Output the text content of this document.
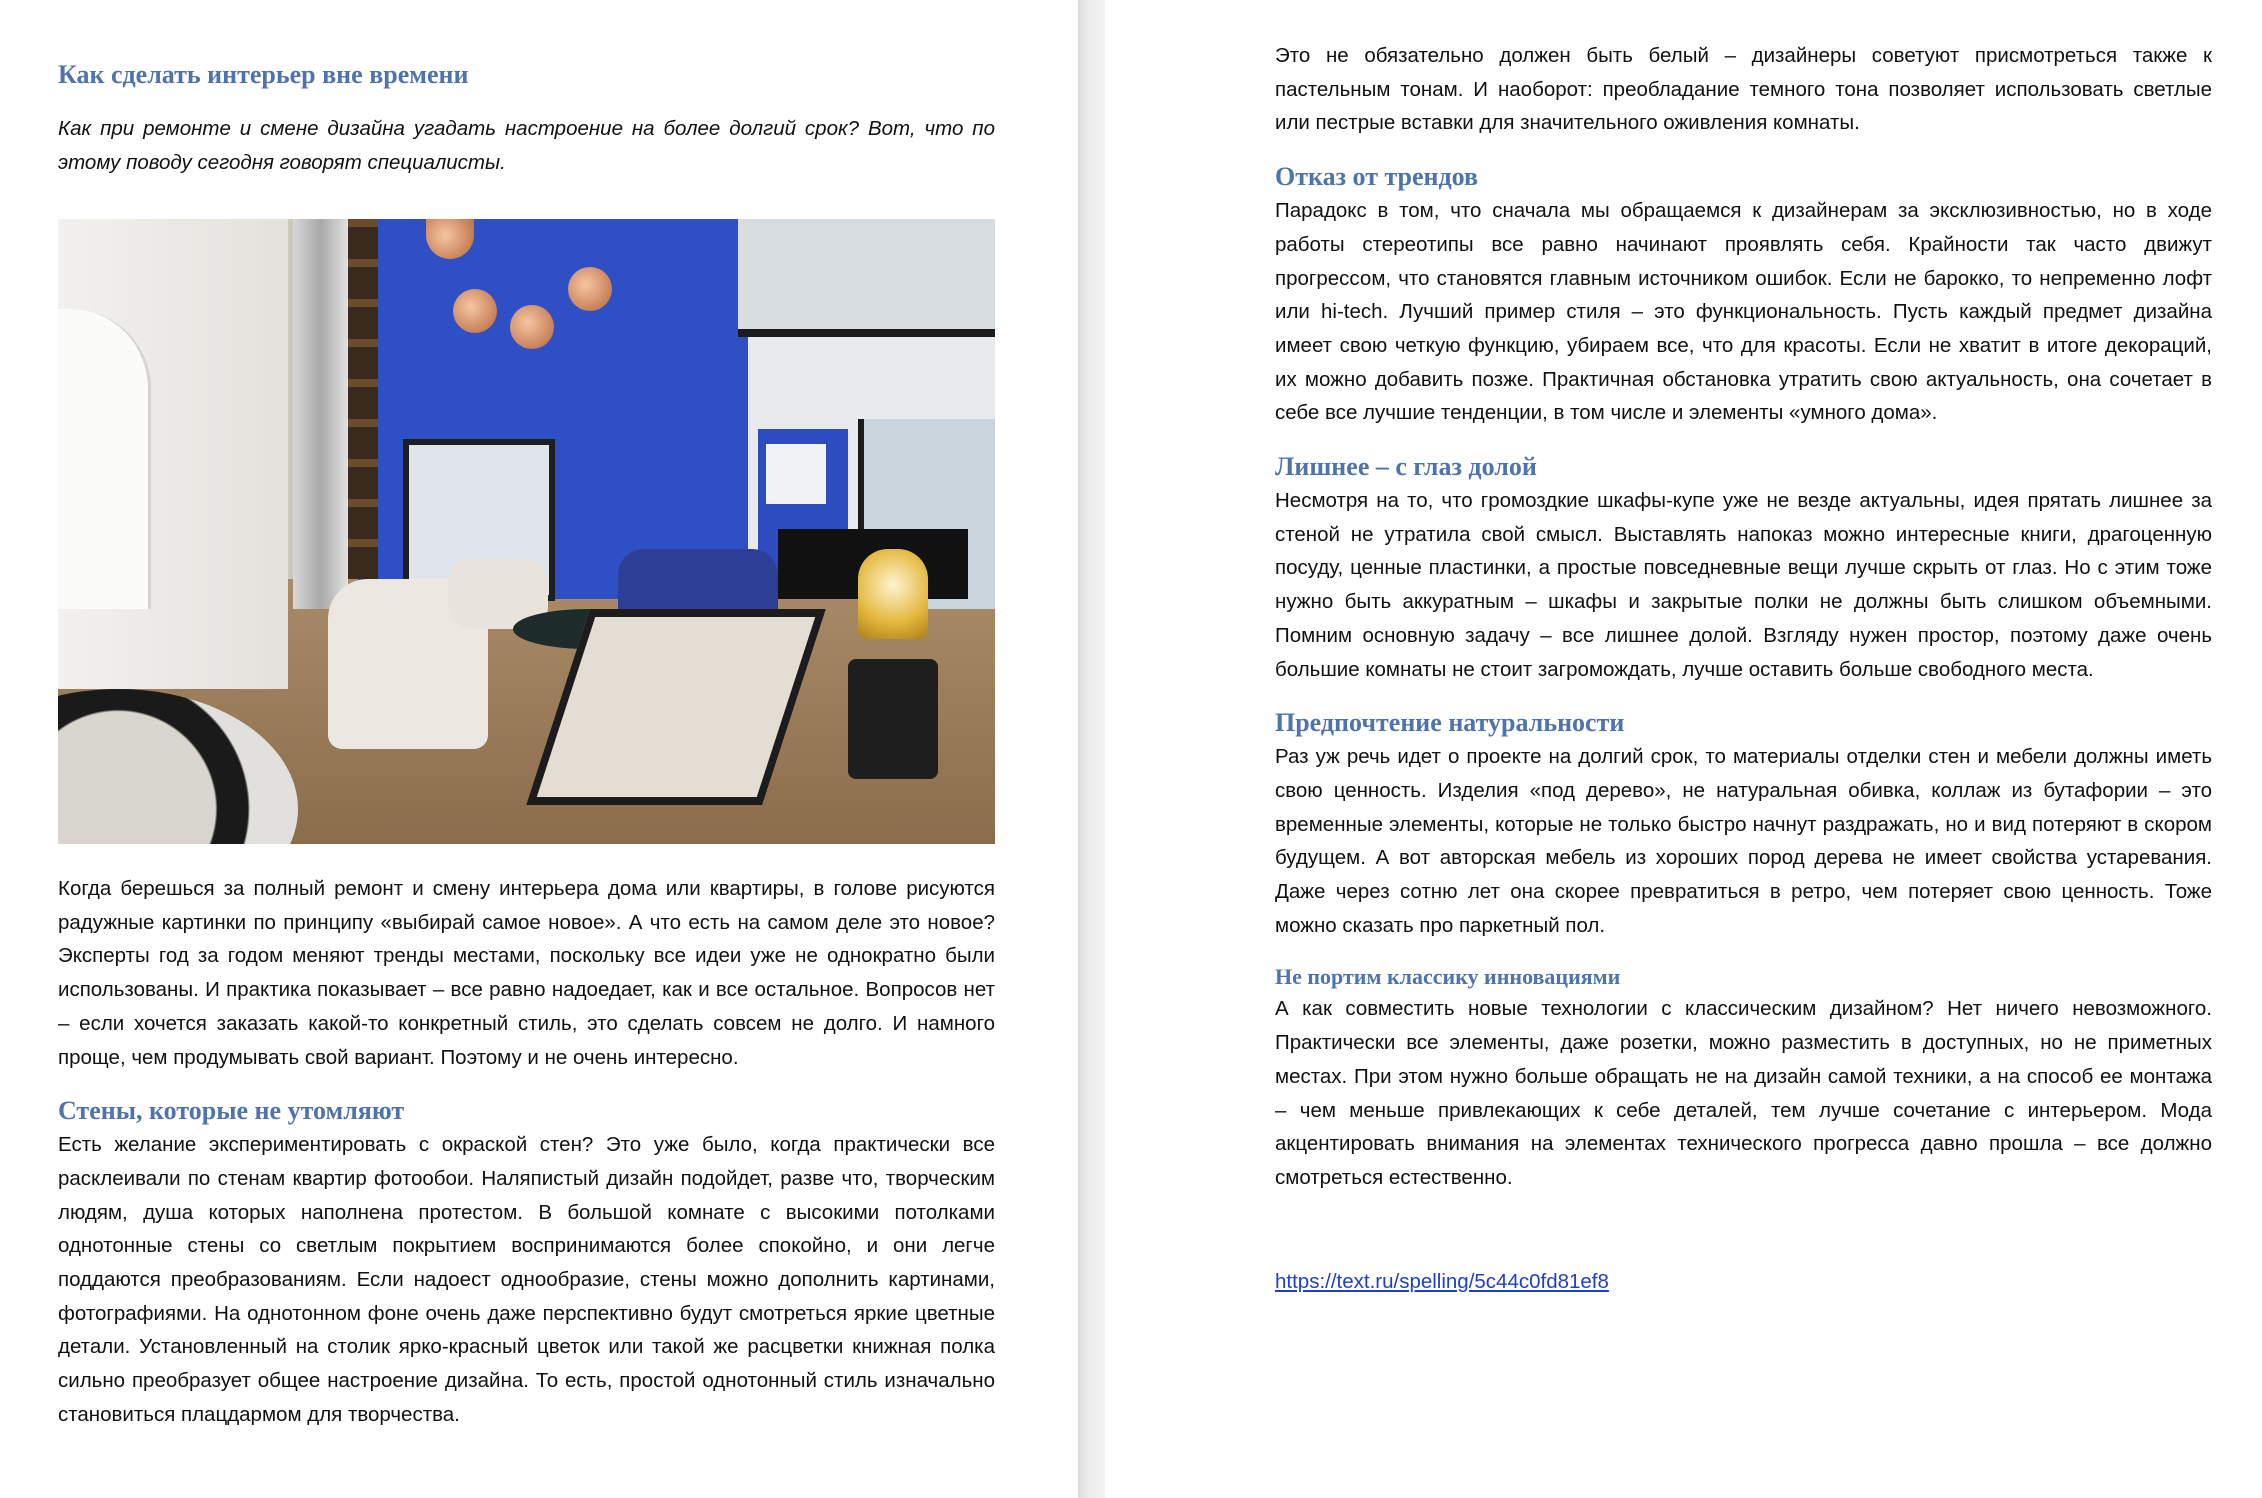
Как сделать интерьер вне времени

Как при ремонте и смене дизайна угадать настроение на более долгий срок? Вот, что по этому поводу сегодня говорят специалисты.

Когда берешься за полный ремонт и смену интерьера дома или квартиры, в голове рисуются радужные картинки по принципу «выбирай самое новое». А что есть на самом деле это новое? Эксперты год за годом меняют тренды местами, поскольку все идеи уже не однократно были использованы. И практика показывает – все равно надоедает, как и все остальное. Вопросов нет – если хочется заказать какой-то конкретный стиль, это сделать совсем не долго. И намного проще, чем продумывать свой вариант. Поэтому и не очень интересно.

Стены, которые не утомляют

Есть желание экспериментировать с окраской стен? Это уже было, когда практически все расклеивали по стенам квартир фотообои. Наляпистый дизайн подойдет, разве что, творческим людям, душа которых наполнена протестом. В большой комнате с высокими потолками однотонные стены со светлым покрытием воспринимаются более спокойно, и они легче поддаются преобразованиям. Если надоест однообразие, стены можно дополнить картинами, фотографиями. На однотонном фоне очень даже перспективно будут смотреться яркие цветные детали. Установленный на столик ярко-красный цветок или такой же расцветки книжная полка сильно преобразует общее настроение дизайна. То есть, простой однотонный стиль изначально становиться плацдармом для творчества.

Это не обязательно должен быть белый – дизайнеры советуют присмотреться также к пастельным тонам. И наоборот: преобладание темного тона позволяет использовать светлые или пестрые вставки для значительного оживления комнаты.

Отказ от трендов

Парадокс в том, что сначала мы обращаемся к дизайнерам за эксклюзивностью, но в ходе работы стереотипы все равно начинают проявлять себя. Крайности так часто движут прогрессом, что становятся главным источником ошибок. Если не барокко, то непременно лофт или hi-tech. Лучший пример стиля – это функциональность. Пусть каждый предмет дизайна имеет свою четкую функцию, убираем все, что для красоты. Если не хватит в итоге декораций, их можно добавить позже. Практичная обстановка утратить свою актуальность, она сочетает в себе все лучшие тенденции, в том числе и элементы «умного дома».

Лишнее – с глаз долой

Несмотря на то, что громоздкие шкафы-купе уже не везде актуальны, идея прятать лишнее за стеной не утратила свой смысл. Выставлять напоказ можно интересные книги, драгоценную посуду, ценные пластинки, а простые повседневные вещи лучше скрыть от глаз. Но с этим тоже нужно быть аккуратным – шкафы и закрытые полки не должны быть слишком объемными. Помним основную задачу – все лишнее долой. Взгляду нужен простор, поэтому даже очень большие комнаты не стоит загромождать, лучше оставить больше свободного места.

Предпочтение натуральности

Раз уж речь идет о проекте на долгий срок, то материалы отделки стен и мебели должны иметь свою ценность. Изделия «под дерево», не натуральная обивка, коллаж из бутафории – это временные элементы, которые не только быстро начнут раздражать, но и вид потеряют в скором будущем. А вот авторская мебель из хороших пород дерева не имеет свойства устаревания. Даже через сотню лет она скорее превратиться в ретро, чем потеряет свою ценность. Тоже можно сказать про паркетный пол.

Не портим классику инновациями

А как совместить новые технологии с классическим дизайном? Нет ничего невозможного. Практически все элементы, даже розетки, можно разместить в доступных, но не приметных местах. При этом нужно больше обращать не на дизайн самой техники, а на способ ее монтажа – чем меньше привлекающих к себе деталей, тем лучше сочетание с интерьером. Мода акцентировать внимания на элементах технического прогресса давно прошла – все должно смотреться естественно.

https://text.ru/spelling/5c44c0fd81ef8
